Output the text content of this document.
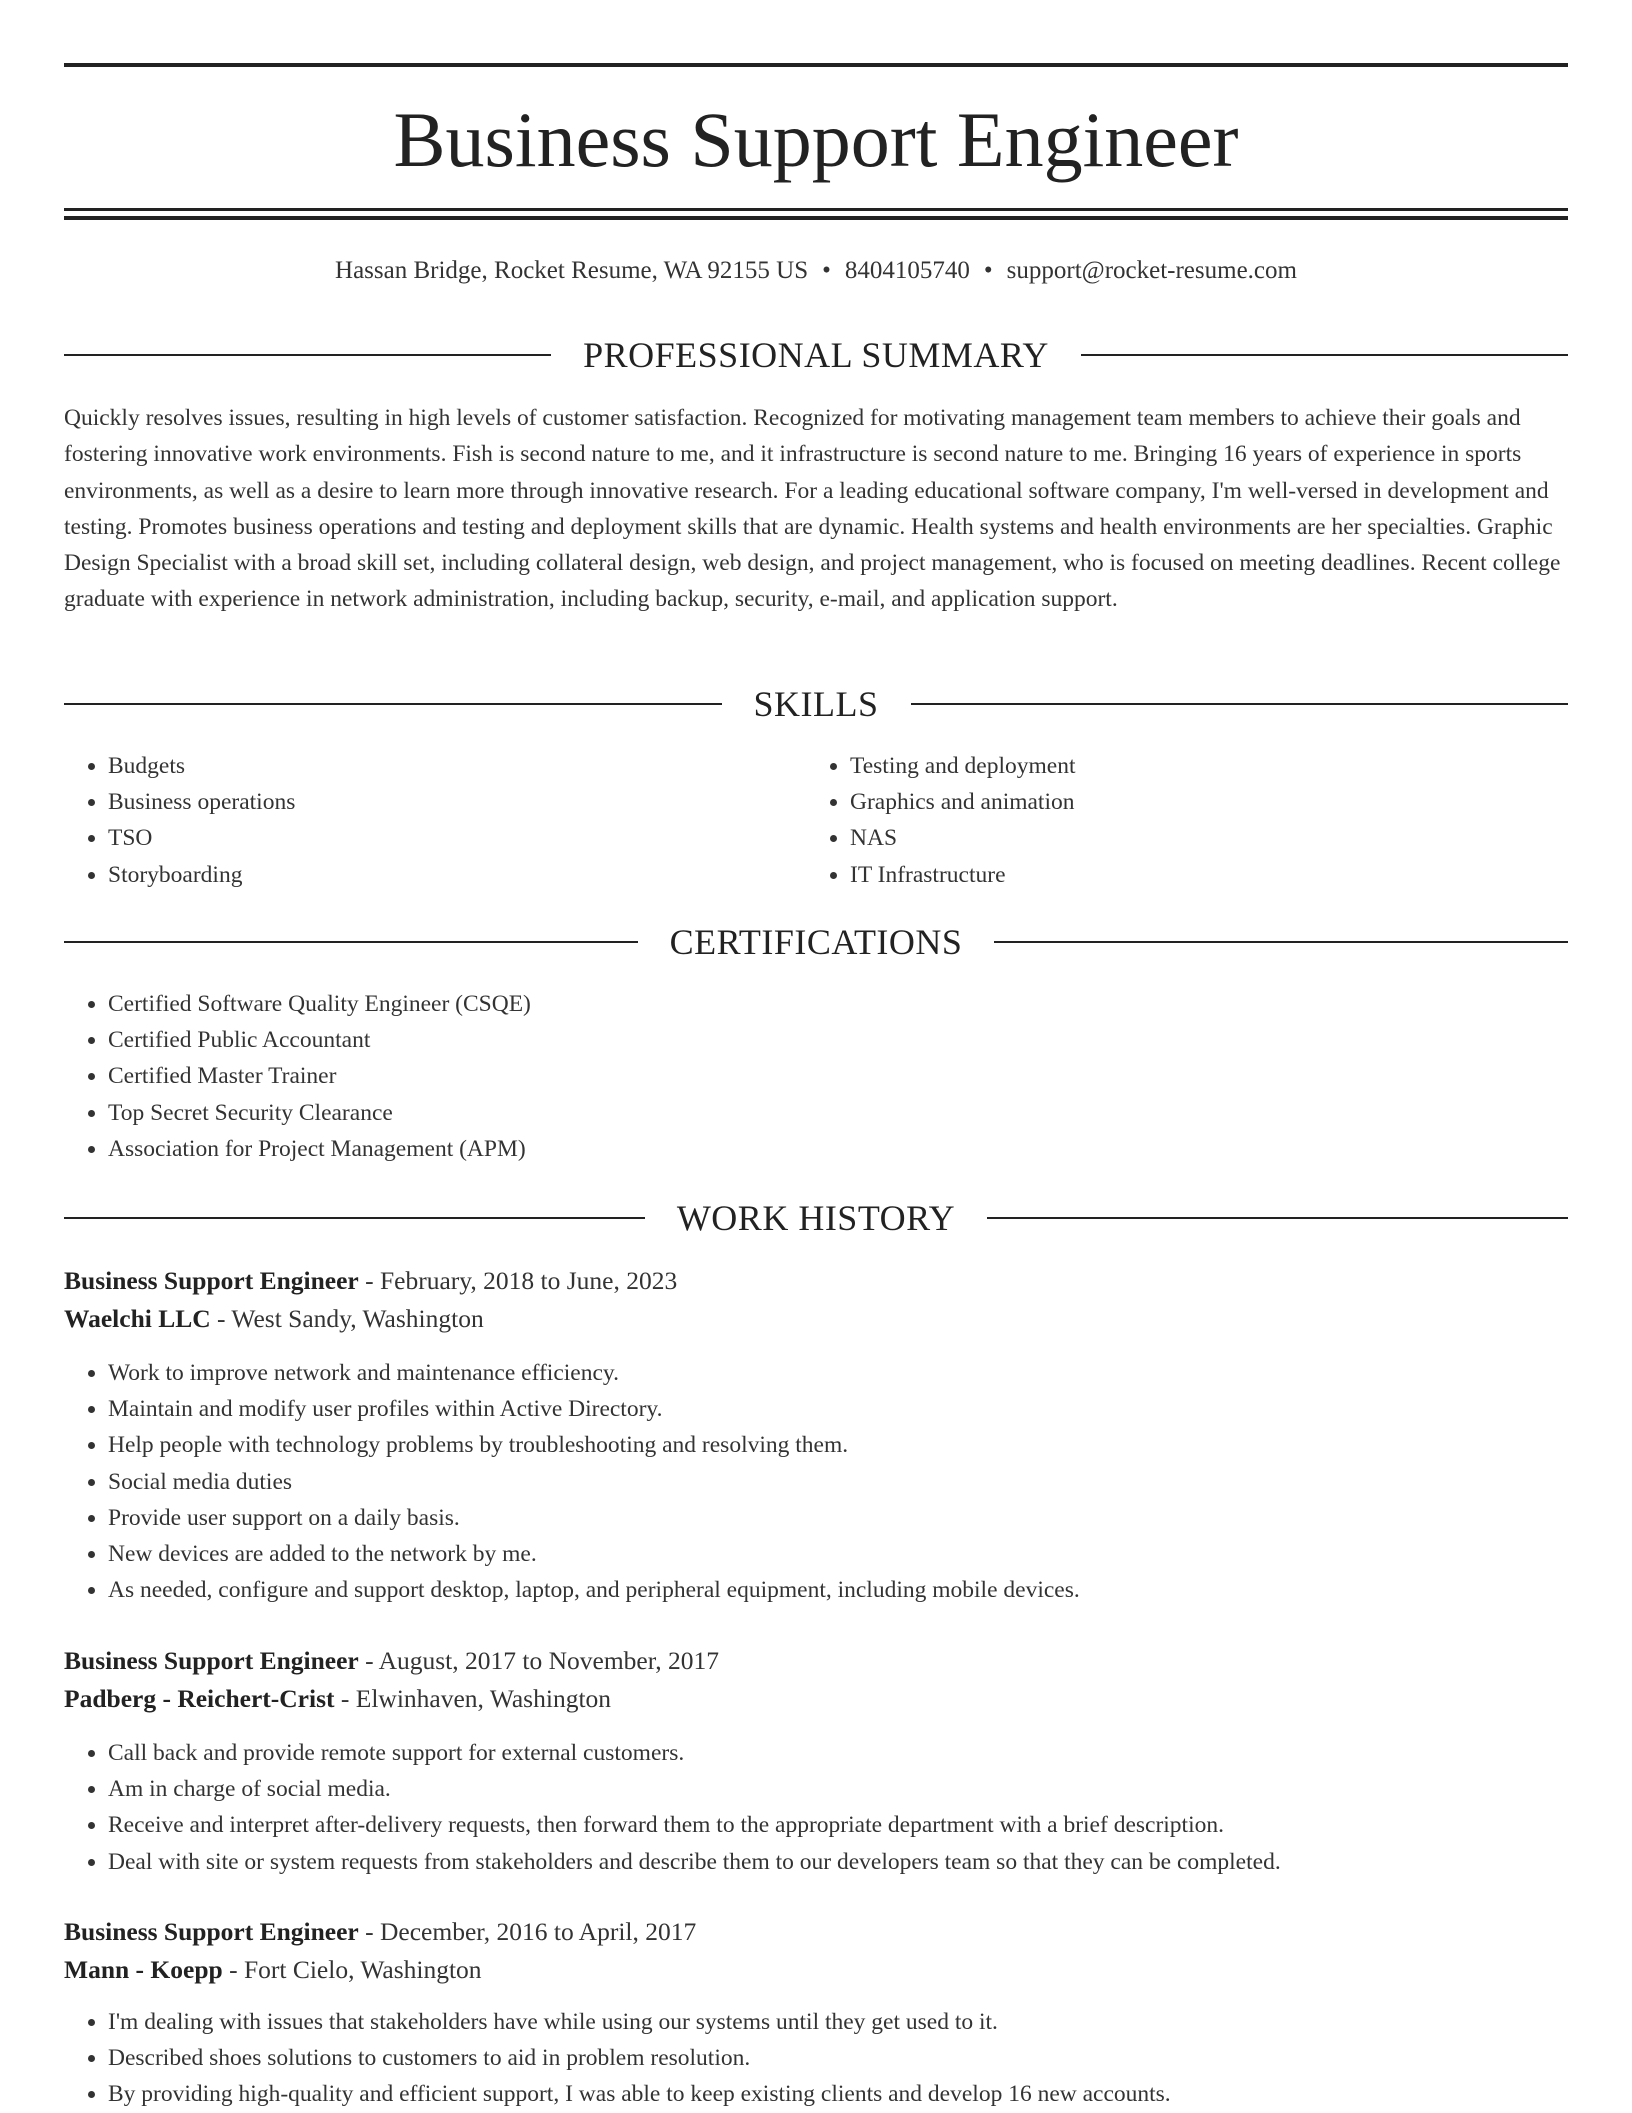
Business Support Engineer
Hassan Bridge, Rocket Resume, WA 92155 US • 8404105740 • support@rocket-resume.com
PROFESSIONAL SUMMARY

Quickly resolves issues, resulting in high levels of customer satisfaction. Recognized for motivating management team members to achieve their goals and fostering innovative work environments. Fish is second nature to me, and it infrastructure is second nature to me. Bringing 16 years of experience in sports environments, as well as a desire to learn more through innovative research. For a leading educational software company, I'm well-versed in development and testing. Promotes business operations and testing and deployment skills that are dynamic. Health systems and health environments are her specialties. Graphic Design Specialist with a broad skill set, including collateral design, web design, and project management, who is focused on meeting deadlines. Recent college graduate with experience in network administration, including backup, security, e-mail, and application support.

SKILLS
• Budgets
• Business operations
• TSO
• Storyboarding
• Testing and deployment
• Graphics and animation
• NAS
• IT Infrastructure
CERTIFICATIONS
• Certified Software Quality Engineer (CSQE)
• Certified Public Accountant
• Certified Master Trainer
• Top Secret Security Clearance
• Association for Project Management (APM)
WORK HISTORY
Business Support Engineer - February, 2018 to June, 2023
Waelchi LLC - West Sandy, Washington
• Work to improve network and maintenance efficiency.
• Maintain and modify user profiles within Active Directory.
• Help people with technology problems by troubleshooting and resolving them.
• Social media duties
• Provide user support on a daily basis.
• New devices are added to the network by me.
• As needed, configure and support desktop, laptop, and peripheral equipment, including mobile devices.
Business Support Engineer - August, 2017 to November, 2017
Padberg - Reichert-Crist - Elwinhaven, Washington
• Call back and provide remote support for external customers.
• Am in charge of social media.
• Receive and interpret after-delivery requests, then forward them to the appropriate department with a brief description.
• Deal with site or system requests from stakeholders and describe them to our developers team so that they can be completed.
Business Support Engineer - December, 2016 to April, 2017
Mann - Koepp - Fort Cielo, Washington
• I'm dealing with issues that stakeholders have while using our systems until they get used to it.
• Described shoes solutions to customers to aid in problem resolution.
• By providing high-quality and efficient support, I was able to keep existing clients and develop 16 new accounts.
